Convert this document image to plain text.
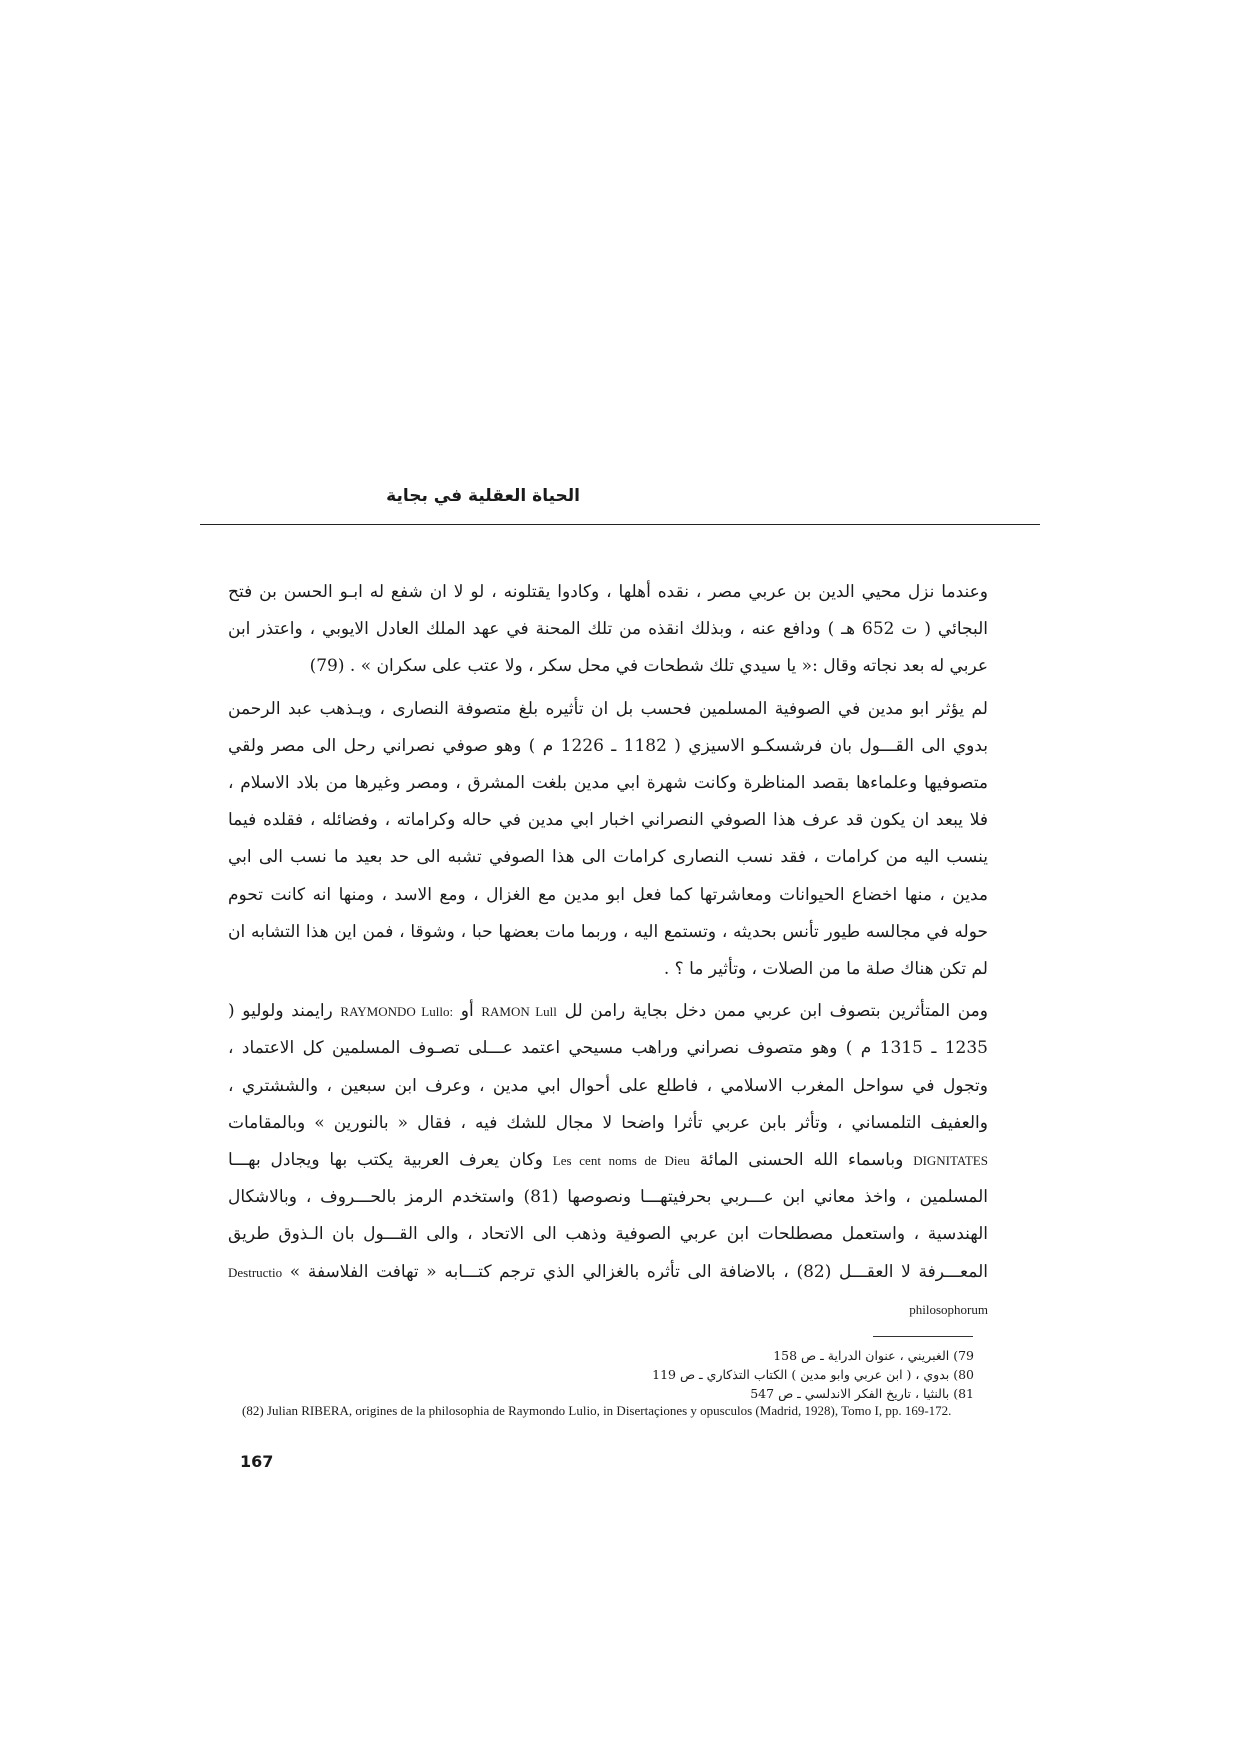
الحياة العقلية في بجاية

وعندما نزل محيي الدين بن عربي مصر ، نقده أهلها ، وكادوا يقتلونه ، لو لا ان شفع له ابـو الحسن بن فتح البجائي ( ت 652 هـ ) ودافع عنه ، وبذلك انقذه من تلك المحنة في عهد الملك العادل الايوبي ، واعتذر ابن عربي له بعد نجاته وقال :« يا سيدي تلك شطحات في محل سكر ، ولا عتب على سكران » . (79)

لم يؤثر ابو مدين في الصوفية المسلمين فحسب بل ان تأثيره بلغ متصوفة النصارى ، ويـذهب عبد الرحمن بدوي الى القـــول بان فرشسكـو الاسيزي ( 1182 ـ 1226 م ) وهو صوفي نصراني رحل الى مصر ولقي متصوفيها وعلماءها بقصد المناظرة وكانت شهرة ابي مدين بلغت المشرق ، ومصر وغيرها من بلاد الاسلام ، فلا يبعد ان يكون قد عرف هذا الصوفي النصراني اخبار ابي مدين في حاله وكراماته ، وفضائله ، فقلده فيما ينسب اليه من كرامات ، فقد نسب النصارى كرامات الى هذا الصوفي تشبه الى حد بعيد ما نسب الى ابي مدين ، منها اخضاع الحيوانات ومعاشرتها كما فعل ابو مدين مع الغزال ، ومع الاسد ، ومنها انه كانت تحوم حوله في مجالسه طيور تأنس بحديثه ، وتستمع اليه ، وربما مات بعضها حبا ، وشوقا ، فمن اين هذا التشابه ان لم تكن هناك صلة ما من الصلات ، وتأثير ما ؟ .

ومن المتأثرين بتصوف ابن عربي ممن دخل بجاية رامن لل RAMON Lull أو RAYMONDO Lullo: رايمند ولوليو ( 1235 ـ 1315 م ) وهو متصوف نصراني وراهب مسيحي اعتمد عـــلى تصـوف المسلمين كل الاعتماد ، وتجول في سواحل المغرب الاسلامي ، فاطلع على أحوال ابي مدين ، وعرف ابن سبعين ، والششتري ، والعفيف التلمساني ، وتأثر بابن عربي تأثرا واضحا لا مجال للشك فيه ، فقال « بالنورين » وبالمقامات DIGNITATES وباسماء الله الحسنى المائة Les cent noms de Dieu وكان يعرف العربية يكتب بها ويجادل بهـــا المسلمين ، واخذ معاني ابن عـــربي بحرفيتهـــا ونصوصها (81) واستخدم الرمز بالحـــروف ، وبالاشكال الهندسية ، واستعمل مصطلحات ابن عربي الصوفية وذهب الى الاتحاد ، والى القـــول بان الـذوق طريق المعـــرفة لا العقـــل (82) ، بالاضافة الى تأثره بالغزالي الذي ترجم كتـــابه « تهافت الفلاسفة » Destructio philosophorum

79) الغبريني ، عنوان الدراية ـ ص 158
80) بدوي ، ( ابن عربي وابو مدين ) الكتاب التذكاري ـ ص 119
81) بالنثيا ، تاريخ الفكر الاندلسي ـ ص 547
(82) Julian RIBERA, origines de la philosophia de Raymondo Lulio, in Disertaçiones y opusculos (Madrid, 1928), Tomo I, pp. 169-172.
167
